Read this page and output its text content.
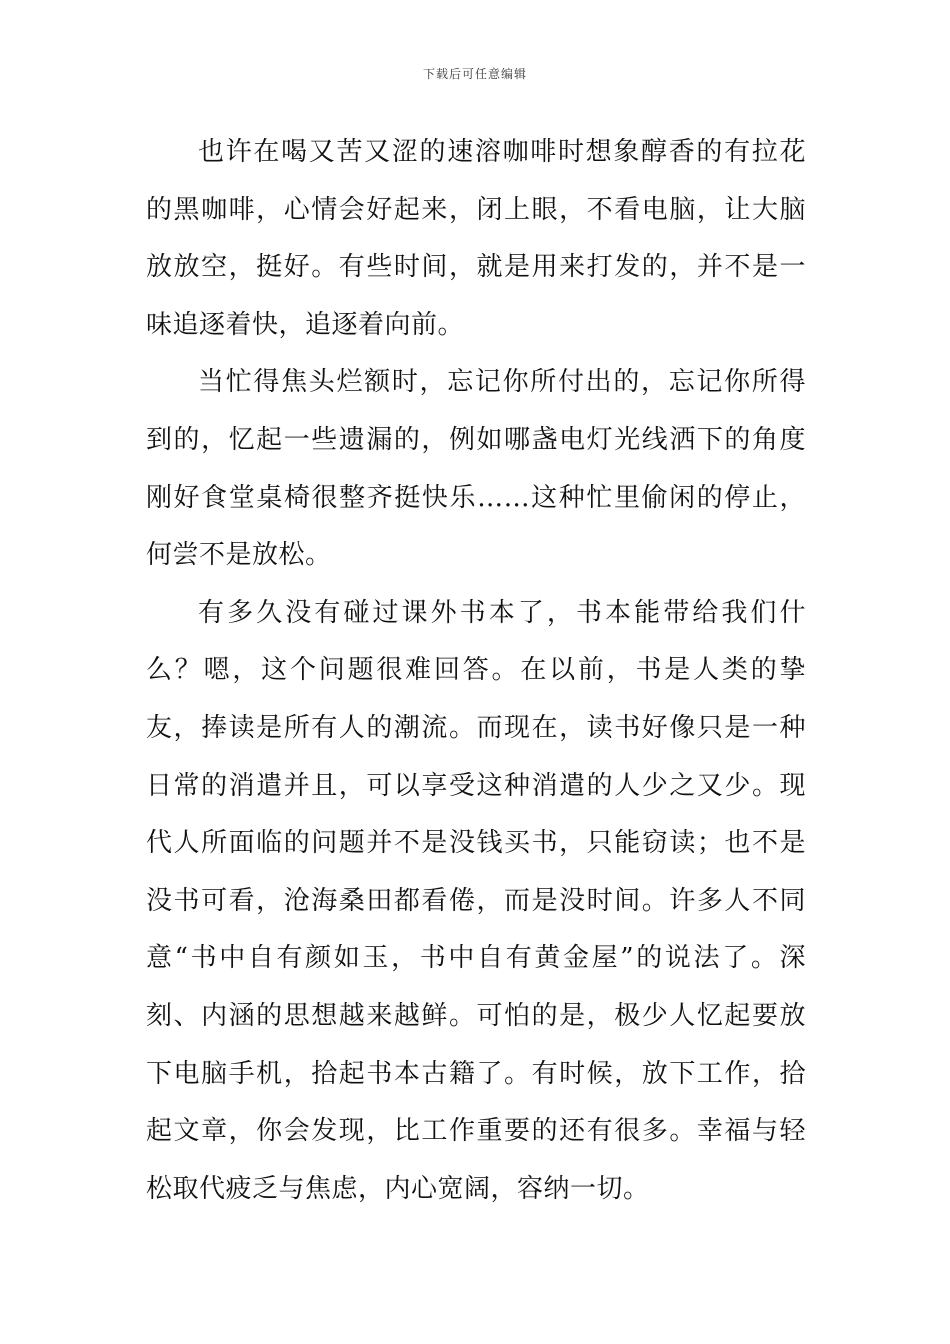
下载后可任意编辑

也许在喝又苦又涩的速溶咖啡时想象醇香的有拉花的黑咖啡，心情会好起来，闭上眼，不看电脑，让大脑放放空，挺好。有些时间，就是用来打发的，并不是一味追逐着快，追逐着向前。

当忙得焦头烂额时，忘记你所付出的，忘记你所得到的，忆起一些遗漏的，例如哪盏电灯光线洒下的角度刚好食堂桌椅很整齐挺快乐……这种忙里偷闲的停止，何尝不是放松。

有多久没有碰过课外书本了，书本能带给我们什么？嗯，这个问题很难回答。在以前，书是人类的挚友，捧读是所有人的潮流。而现在，读书好像只是一种日常的消遣并且，可以享受这种消遣的人少之又少。现代人所面临的问题并不是没钱买书，只能窃读；也不是没书可看，沧海桑田都看倦，而是没时间。许多人不同意“书中自有颜如玉，书中自有黄金屋”的说法了。深刻、内涵的思想越来越鲜。可怕的是，极少人忆起要放下电脑手机，拾起书本古籍了。有时候，放下工作，拾起文章，你会发现，比工作重要的还有很多。幸福与轻松取代疲乏与焦虑，内心宽阔，容纳一切。
